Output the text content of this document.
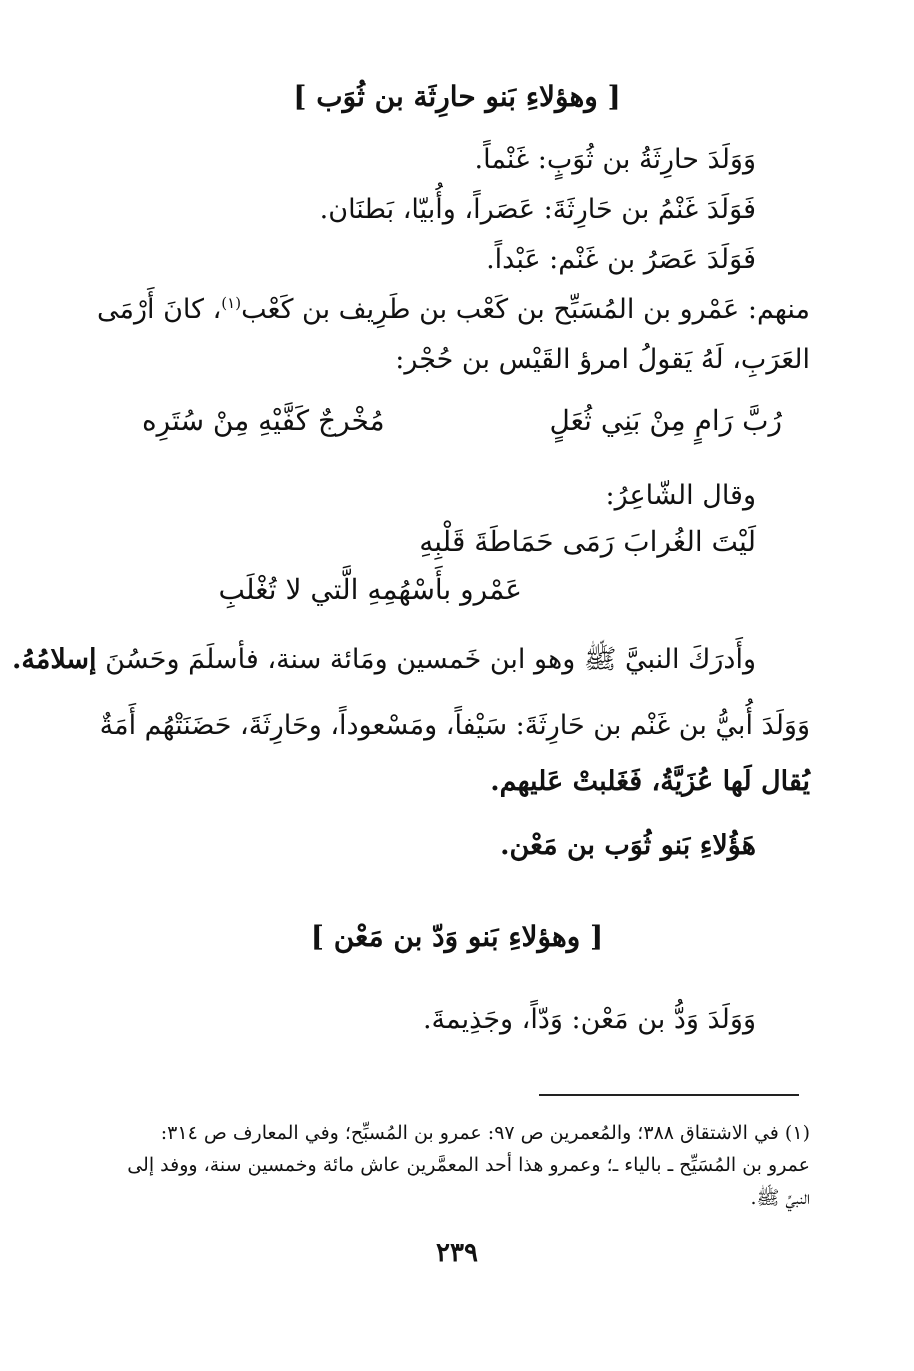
[ وهؤلاءِ بَنو حارِثَة بن ثُوَب ]
وَوَلَدَ حارِثَةُ بن ثُوَبٍ: غَنْماً.
فَوَلَدَ غَنْمُ بن حَارِثَةَ: عَصَراً، وأُبيّا، بَطنَان.
فَوَلَدَ عَصَرُ بن غَنْم: عَبْداً.
منهم: عَمْرو بن المُسَبِّح بن كَعْب بن طَرِيف بن كَعْب$^{(١)}$، كانَ أَرْمَى
العَرَبِ، لَهُ يَقولُ امرؤ القَيْس بن حُجْر:
رُبَّ رَامٍ مِنْ بَنِي ثُعَلٍ
مُخْرجٌ كَفَّيْهِ مِنْ سُتَرِه
وقال الشّاعِرُ:
لَيْتَ الغُرابَ رَمَى حَمَاطَةَ قَلْبِهِ
عَمْرو بأَسْهُمِهِ الَّتي لا تُغْلَبِ
وأَدرَكَ النبيَّ ﷺ وهو ابن خَمسين ومَائة سنة، فأسلَمَ وحَسُنَ إسلامُهُ.
وَوَلَدَ أُبيُّ بن غَنْم بن حَارِثَةَ: سَيْفاً، ومَسْعوداً، وحَارِثَةَ، حَضَنَتْهُم أَمَةٌ
يُقال لَها عُزَيَّةُ، فَغَلبتْ عَليهم.
هَؤُلاءِ بَنو ثُوَب بن مَعْن.
[ وهؤلاءِ بَنو وَدّ بن مَعْن ]
وَوَلَدَ وَدُّ بن مَعْن: وَدّاً، وجَذِيمةَ.
(١) في الاشتقاق ٣٨٨؛ والمُعمرين ص ٩٧: عمرو بن المُسبِّح؛ وفي المعارف ص ٣١٤:
عمرو بن المُسَيِّح ـ بالياء ـ؛ وعمرو هذا أحد المعمَّرين عاش مائة وخمسين سنة، ووفد إلى
النبيِّ ﷺ.
٢٣٩
